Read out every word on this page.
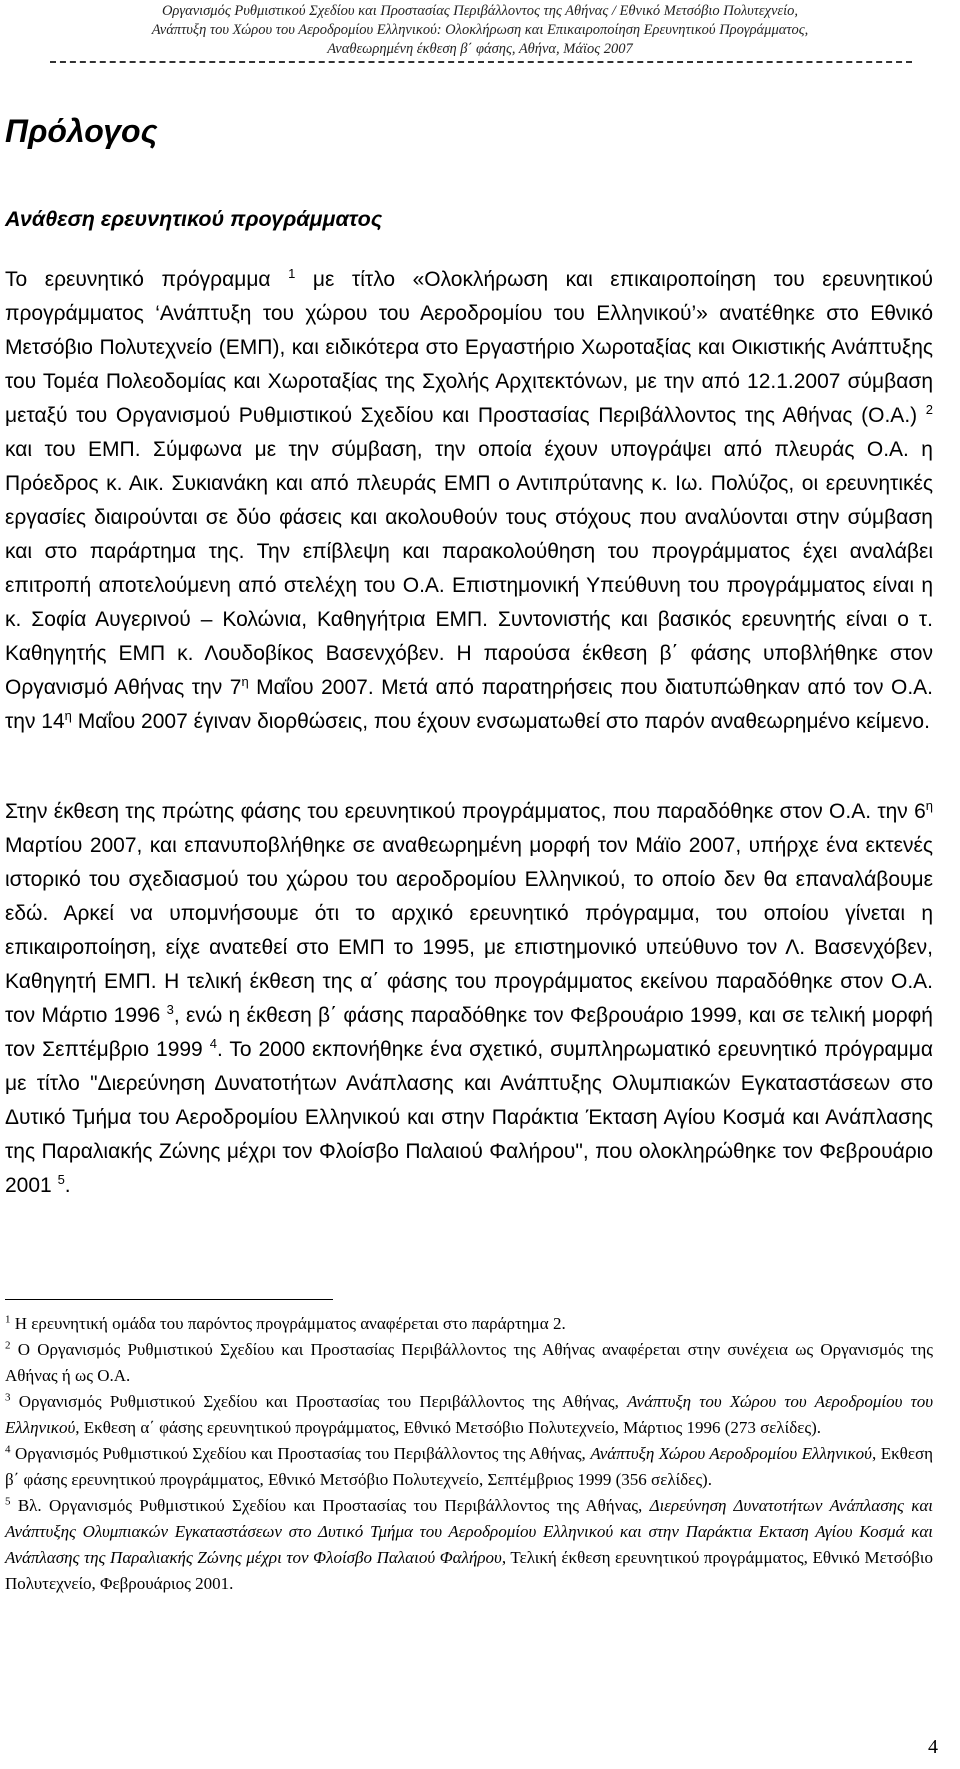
Οργανισμός Ρυθμιστικού Σχεδίου και Προστασίας Περιβάλλοντος της Αθήνας / Εθνικό Μετσόβιο Πολυτεχνείο,
Ανάπτυξη του Χώρου του Αεροδρομίου Ελληνικού: Ολοκλήρωση και Επικαιροποίηση Ερευνητικού Προγράμματος,
Αναθεωρημένη έκθεση β΄ φάσης, Αθήνα, Μάϊος 2007
Πρόλογος
Ανάθεση ερευνητικού προγράμματος

Το ερευνητικό πρόγραμμα $^1$ με τίτλο «Ολοκλήρωση και επικαιροποίηση του ερευνητικού προγράμματος ‘Ανάπτυξη του χώρου του Αεροδρομίου του Ελληνικού’» ανατέθηκε στο Εθνικό Μετσόβιο Πολυτεχνείο (ΕΜΠ), και ειδικότερα στο Εργαστήριο Χωροταξίας και Οικιστικής Ανάπτυξης του Τομέα Πολεοδομίας και Χωροταξίας της Σχολής Αρχιτεκτόνων, με την από 12.1.2007 σύμβαση μεταξύ του Οργανισμού Ρυθμιστικού Σχεδίου και Προστασίας Περιβάλλοντος της Αθήνας (Ο.Α.) $^2$ και του ΕΜΠ. Σύμφωνα με την σύμβαση, την οποία έχουν υπογράψει από πλευράς Ο.Α. η Πρόεδρος κ. Αικ. Συκιανάκη και από πλευράς ΕΜΠ ο Αντιπρύτανης κ. Ιω. Πολύζος, οι ερευνητικές εργασίες διαιρούνται σε δύο φάσεις και ακολουθούν τους στόχους που αναλύονται στην σύμβαση και στο παράρτημα της. Την επίβλεψη και παρακολούθηση του προγράμματος έχει αναλάβει επιτροπή αποτελούμενη από στελέχη του Ο.Α. Επιστημονική Υπεύθυνη του προγράμματος είναι η κ. Σοφία Αυγερινού – Κολώνια, Καθηγήτρια ΕΜΠ. Συντονιστής και βασικός ερευνητής είναι ο τ. Καθηγητής ΕΜΠ κ. Λουδοβίκος Βασενχόβεν. Η παρούσα έκθεση β΄ φάσης υποβλήθηκε στον Οργανισμό Αθήνας την $7^\eta$ Μαΐου 2007. Μετά από παρατηρήσεις που διατυπώθηκαν από τον Ο.Α. την $14^\eta$ Μαΐου 2007 έγιναν διορθώσεις, που έχουν ενσωματωθεί στο παρόν αναθεωρημένο κείμενο.

Στην έκθεση της πρώτης φάσης του ερευνητικού προγράμματος, που παραδόθηκε στον Ο.Α. την $6^\eta$ Μαρτίου 2007, και επανυποβλήθηκε σε αναθεωρημένη μορφή τον Μάϊο 2007, υπήρχε ένα εκτενές ιστορικό του σχεδιασμού του χώρου του αεροδρομίου Ελληνικού, το οποίο δεν θα επαναλάβουμε εδώ. Αρκεί να υπομνήσουμε ότι το αρχικό ερευνητικό πρόγραμμα, του οποίου γίνεται η επικαιροποίηση, είχε ανατεθεί στο ΕΜΠ το 1995, με επιστημονικό υπεύθυνο τον Λ. Βασενχόβεν, Καθηγητή ΕΜΠ. Η τελική έκθεση της α΄ φάσης του προγράμματος εκείνου παραδόθηκε στον Ο.Α. τον Μάρτιο 1996 $^3$, ενώ η έκθεση β΄ φάσης παραδόθηκε τον Φεβρουάριο 1999, και σε τελική μορφή τον Σεπτέμβριο 1999 $^4$. Το 2000 εκπονήθηκε ένα σχετικό, συμπληρωματικό ερευνητικό πρόγραμμα με τίτλο "Διερεύνηση Δυνατοτήτων Ανάπλασης και Ανάπτυξης Ολυμπιακών Εγκαταστάσεων στο Δυτικό Τμήμα του Αεροδρομίου Ελληνικού και στην Παράκτια Έκταση Αγίου Κοσμά και Ανάπλασης της Παραλιακής Ζώνης μέχρι τον Φλοίσβο Παλαιού Φαλήρου", που ολοκληρώθηκε τον Φεβρουάριο 2001 $^5$.

$^1$ Η ερευνητική ομάδα του παρόντος προγράμματος αναφέρεται στο παράρτημα 2.

$^2$ Ο Οργανισμός Ρυθμιστικού Σχεδίου και Προστασίας Περιβάλλοντος της Αθήνας αναφέρεται στην συνέχεια ως Οργανισμός της Αθήνας ή ως Ο.Α.

$^3$ Οργανισμός Ρυθμιστικού Σχεδίου και Προστασίας του Περιβάλλοντος της Αθήνας, Ανάπτυξη του Χώρου του Αεροδρομίου του Ελληνικού, Εκθεση α΄ φάσης ερευνητικού προγράμματος, Εθνικό Μετσόβιο Πολυτεχνείο, Μάρτιος 1996 (273 σελίδες).

$^4$ Οργανισμός Ρυθμιστικού Σχεδίου και Προστασίας του Περιβάλλοντος της Αθήνας, Ανάπτυξη Χώρου Αεροδρομίου Ελληνικού, Εκθεση β΄ φάσης ερευνητικού προγράμματος, Εθνικό Μετσόβιο Πολυτεχνείο, Σεπτέμβριος 1999 (356 σελίδες).

$^5$ Βλ. Οργανισμός Ρυθμιστικού Σχεδίου και Προστασίας του Περιβάλλοντος της Αθήνας, Διερεύνηση Δυνατοτήτων Ανάπλασης και Ανάπτυξης Ολυμπιακών Εγκαταστάσεων στο Δυτικό Τμήμα του Αεροδρομίου Ελληνικού και στην Παράκτια Εκταση Αγίου Κοσμά και Ανάπλασης της Παραλιακής Ζώνης μέχρι τον Φλοίσβο Παλαιού Φαλήρου, Τελική έκθεση ερευνητικού προγράμματος, Εθνικό Μετσόβιο Πολυτεχνείο, Φεβρουάριος 2001.

4
